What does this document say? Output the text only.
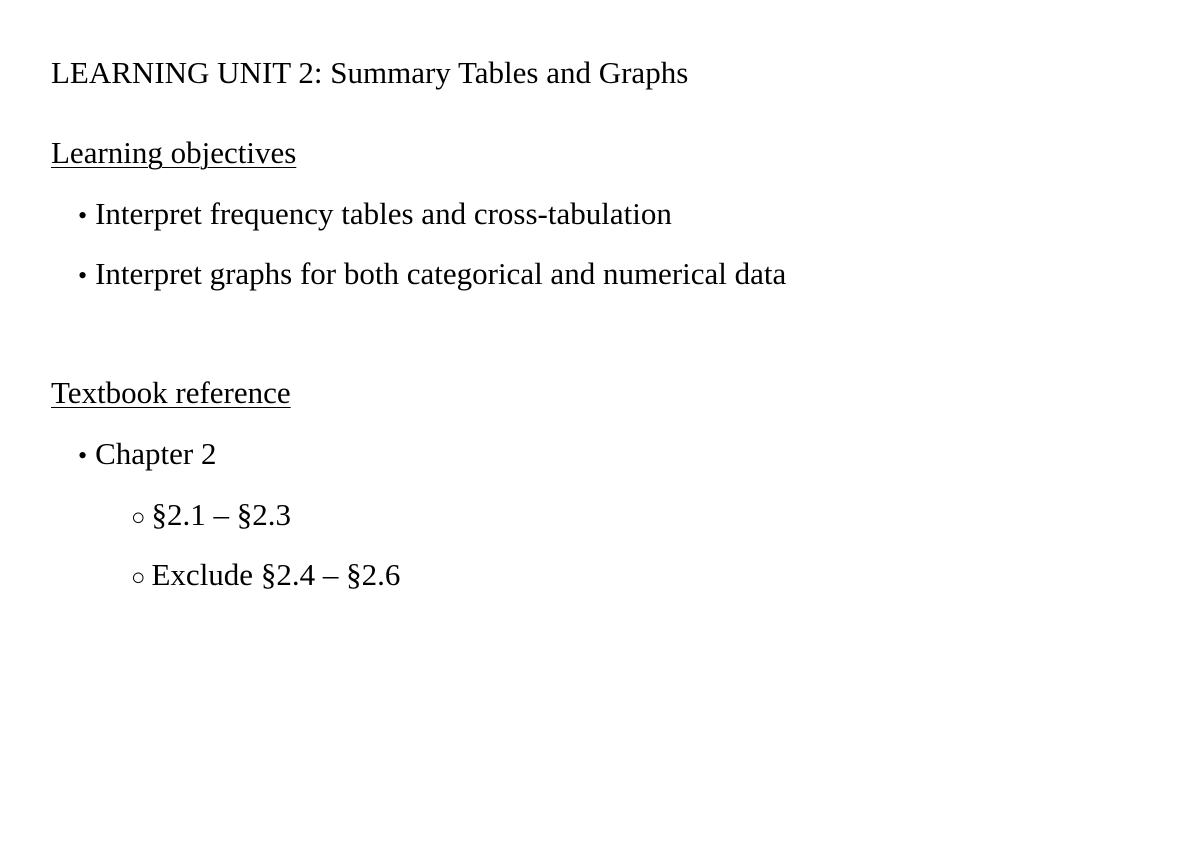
LEARNING UNIT 2: Summary Tables and Graphs
Learning objectives
• Interpret frequency tables and cross-tabulation
• Interpret graphs for both categorical and numerical data
Textbook reference
• Chapter 2
○ §2.1 – §2.3
○ Exclude §2.4 – §2.6
